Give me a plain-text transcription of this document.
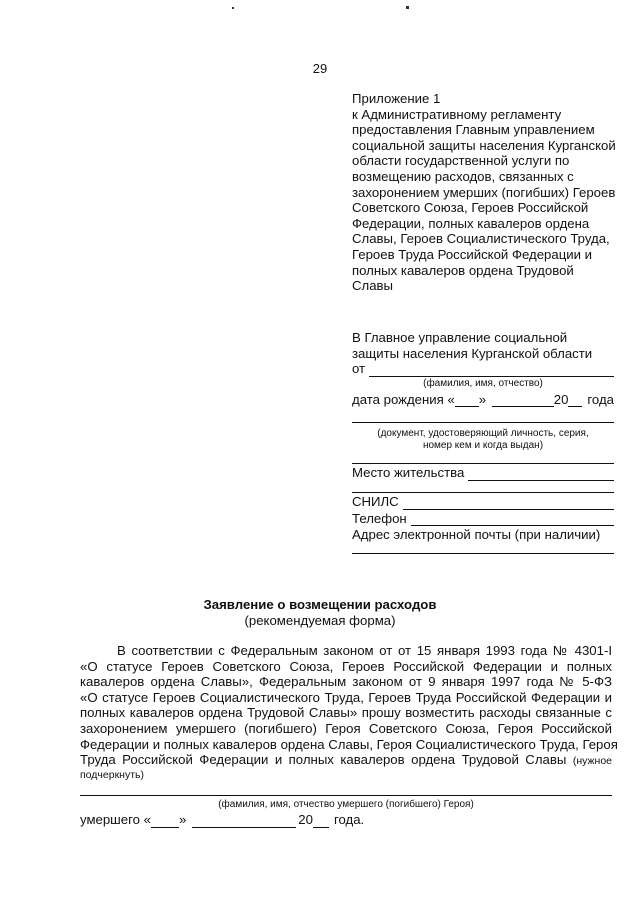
29
Приложение 1
к Административному регламенту
предоставления Главным управлением
социальной защиты населения Курганской
области государственной услуги по
возмещению расходов, связанных с
захоронением умерших (погибших) Героев
Советского Союза, Героев Российской
Федерации, полных кавалеров ордена
Славы, Героев Социалистического Труда,
Героев Труда Российской Федерации и
полных кавалеров ордена Трудовой
Славы
В Главное управление социальной
защиты населения Курганской области
от
(фамилия, имя, отчество)
дата рождения « »	20 года
(документ, удостоверяющий личность, серия,
номер кем и когда выдан)
Место жительства
СНИЛС
Телефон
Адрес электронной почты (при наличии)
Заявление о возмещении расходов
(рекомендуемая форма)
В соответствии с Федеральным законом от от 15 января 1993 года № 4301-I
«О статусе Героев Советского Союза, Героев Российской Федерации и полных
кавалеров ордена Славы», Федеральным законом от 9 января 1997 года № 5-ФЗ
«О статусе Героев Социалистического Труда, Героев Труда Российской Федерации и
полных кавалеров ордена Трудовой Славы» прошу возместить расходы связанные с
захоронением умершего (погибшего) Героя Советского Союза, Героя Российской
Федерации и полных кавалеров ордена Славы, Героя Социалистического Труда, Героя
Труда Российской Федерации и полных кавалеров ордена Трудовой Славы (нужное
подчеркнуть)
(фамилия, имя, отчество умершего (погибшего) Героя)
умершего « »	20 года.
